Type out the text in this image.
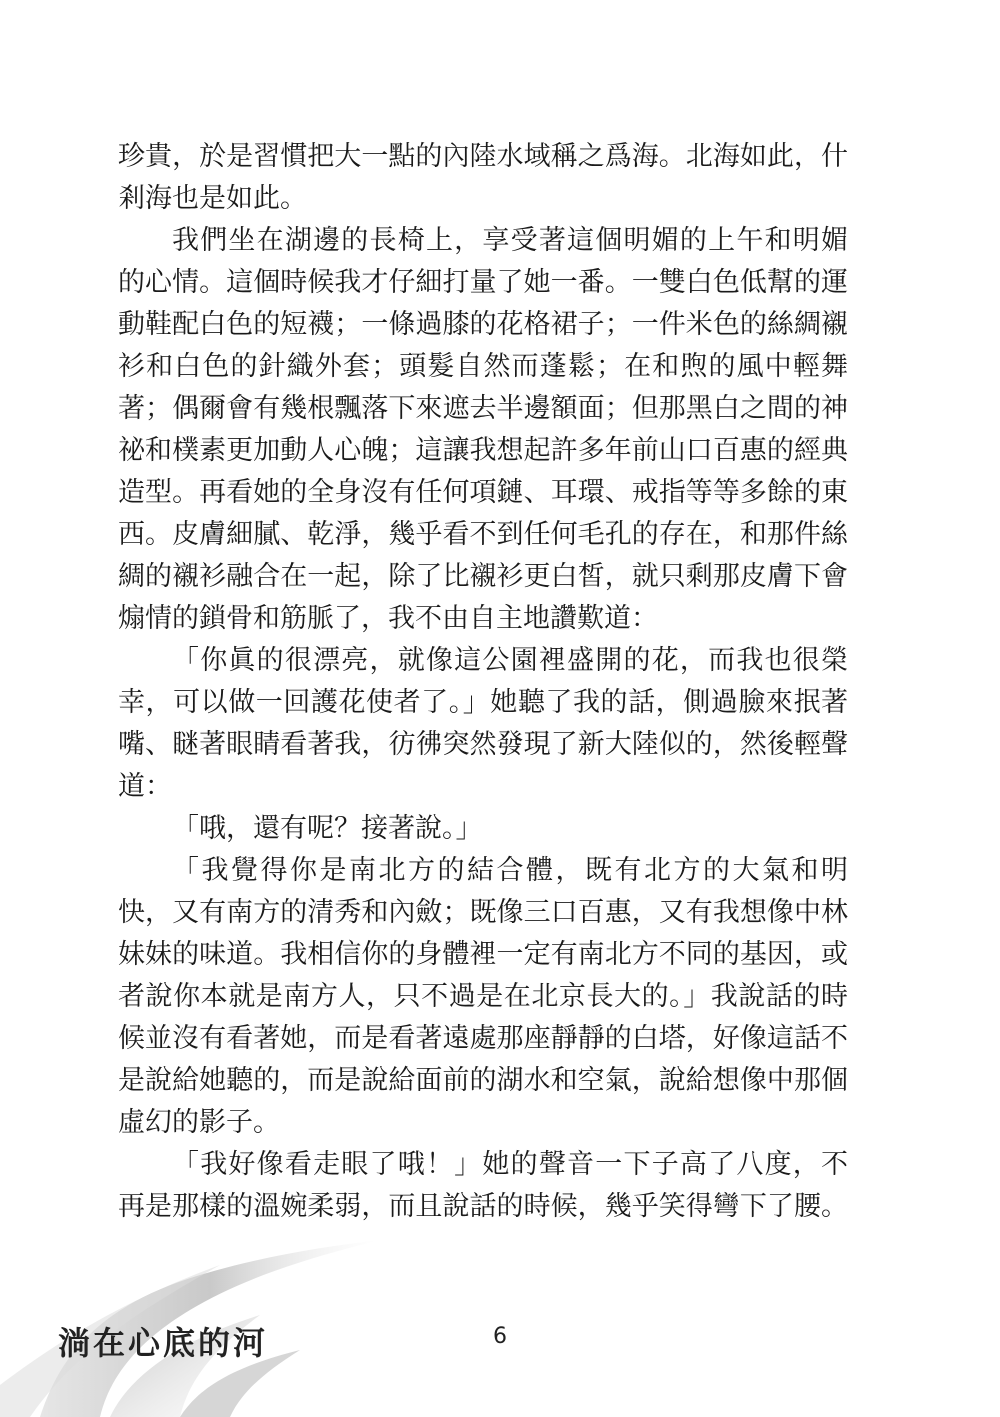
珍貴，於是習慣把大一點的內陸水域稱之爲海。北海如此，什
剎海也是如此。
我們坐在湖邊的長椅上，享受著這個明媚的上午和明媚
的心情。這個時候我才仔細打量了她一番。一雙白色低幫的運
動鞋配白色的短襪；一條過膝的花格裙子；一件米色的絲綢襯
衫和白色的針織外套；頭髮自然而蓬鬆；在和煦的風中輕舞
著；偶爾會有幾根飄落下來遮去半邊額面；但那黑白之間的神
祕和樸素更加動人心魄；這讓我想起許多年前山口百惠的經典
造型。再看她的全身沒有任何項鏈、耳環、戒指等等多餘的東
西。皮膚細膩、乾淨，幾乎看不到任何毛孔的存在，和那件絲
綢的襯衫融合在一起，除了比襯衫更白皙，就只剩那皮膚下會
煽情的鎖骨和筋脈了，我不由自主地讚歎道：
「你眞的很漂亮，就像這公園裡盛開的花，而我也很榮
幸，可以做一回護花使者了。」她聽了我的話，側過臉來抿著
嘴、瞇著眼睛看著我，彷彿突然發現了新大陸似的，然後輕聲
道：
「哦，還有呢？接著說。」
「我覺得你是南北方的結合體，既有北方的大氣和明
快，又有南方的清秀和內斂；既像三口百惠，又有我想像中林
妹妹的味道。我相信你的身體裡一定有南北方不同的基因，或
者說你本就是南方人，只不過是在北京長大的。」我說話的時
候並沒有看著她，而是看著遠處那座靜靜的白塔，好像這話不
是說給她聽的，而是說給面前的湖水和空氣，說給想像中那個
虛幻的影子。
「我好像看走眼了哦！」她的聲音一下子高了八度，不
再是那樣的溫婉柔弱，而且說話的時候，幾乎笑得彎下了腰。
淌在心底的河	6
